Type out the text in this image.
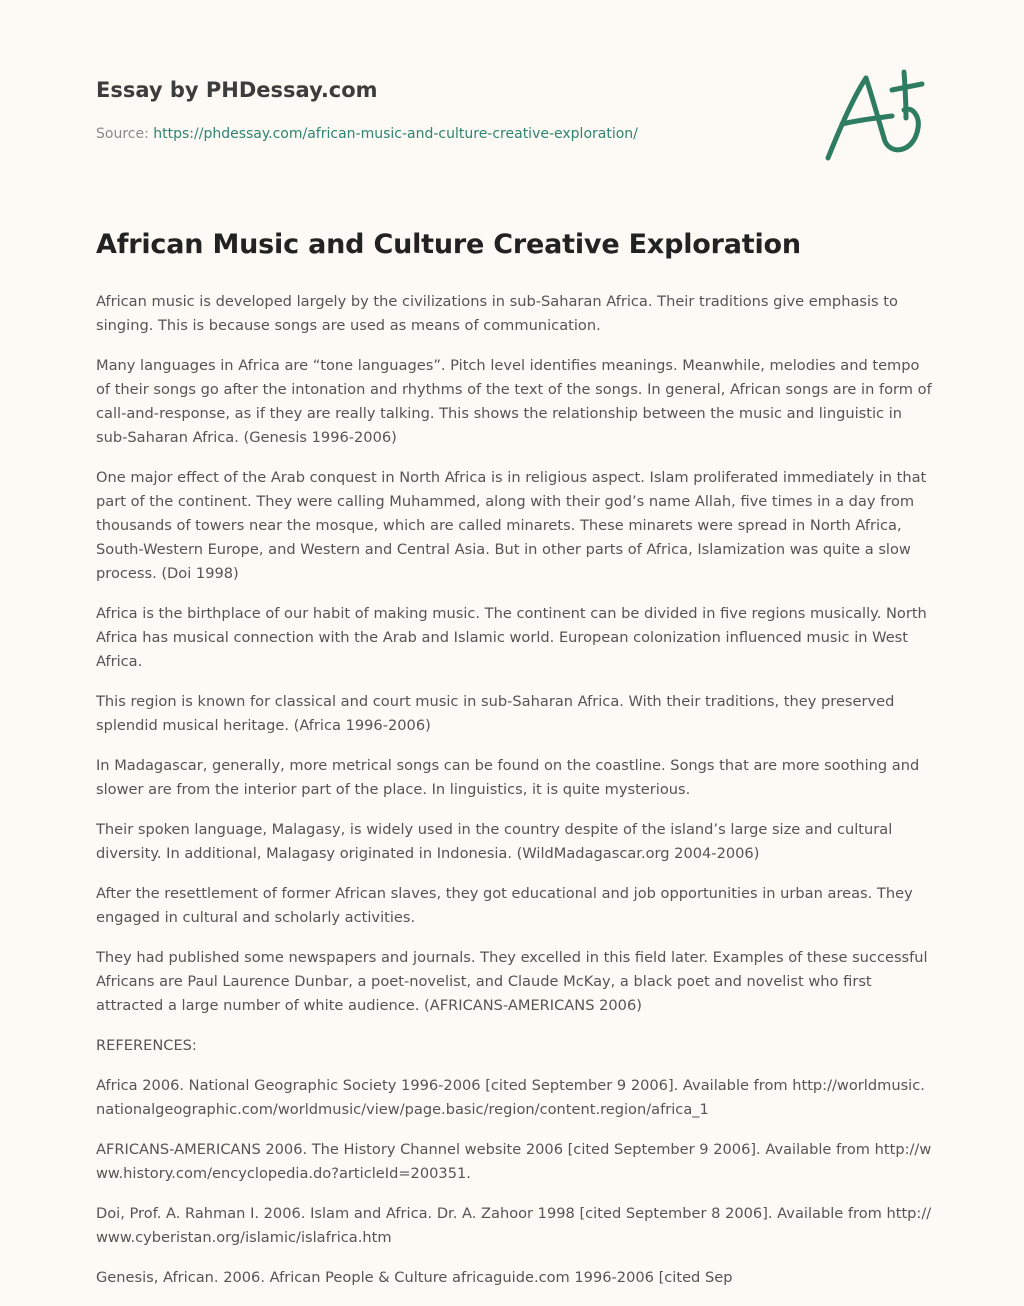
Essay by PHDessay.com
Source: https://phdessay.com/african-music-and-culture-creative-exploration/
African Music and Culture Creative Exploration

African music is developed largely by the civilizations in sub-Saharan Africa. Their traditions give emphasis to singing. This is because songs are used as means of communication.

Many languages in Africa are “tone languages”. Pitch level identifies meanings. Meanwhile, melodies and tempo of their songs go after the intonation and rhythms of the text of the songs. In general, African songs are in form of call-and-response, as if they are really talking. This shows the relationship between the music and linguistic in sub-Saharan Africa. (Genesis 1996-2006)

One major effect of the Arab conquest in North Africa is in religious aspect. Islam proliferated immediately in that part of the continent. They were calling Muhammed, along with their god’s name Allah, five times in a day from thousands of towers near the mosque, which are called minarets. These minarets were spread in North Africa, South-Western Europe, and Western and Central Asia. But in other parts of Africa, Islamization was quite a slow process. (Doi 1998)

Africa is the birthplace of our habit of making music. The continent can be divided in five regions musically. North Africa has musical connection with the Arab and Islamic world. European colonization influenced music in West Africa.

This region is known for classical and court music in sub-Saharan Africa. With their traditions, they preserved splendid musical heritage. (Africa 1996-2006)

In Madagascar, generally, more metrical songs can be found on the coastline. Songs that are more soothing and slower are from the interior part of the place. In linguistics, it is quite mysterious.

Their spoken language, Malagasy, is widely used in the country despite of the island’s large size and cultural diversity. In additional, Malagasy originated in Indonesia. (WildMadagascar.org 2004-2006)

After the resettlement of former African slaves, they got educational and job opportunities in urban areas. They engaged in cultural and scholarly activities.

They had published some newspapers and journals. They excelled in this field later. Examples of these successful Africans are Paul Laurence Dunbar, a poet-novelist, and Claude McKay, a black poet and novelist who first attracted a large number of white audience. (AFRICANS-AMERICANS 2006)

REFERENCES:

Africa 2006. National Geographic Society 1996-2006 [cited September 9 2006]. Available from http://worldmusic.nationalgeographic.com/worldmusic/view/page.basic/region/content.region/africa_1

AFRICANS-AMERICANS 2006. The History Channel website 2006 [cited September 9 2006]. Available from http://www.history.com/encyclopedia.do?articleId=200351.

Doi, Prof. A. Rahman I. 2006. Islam and Africa. Dr. A. Zahoor 1998 [cited September 8 2006]. Available from http://www.cyberistan.org/islamic/islafrica.htm

Genesis, African. 2006. African People & Culture africaguide.com 1996-2006 [cited Sep
